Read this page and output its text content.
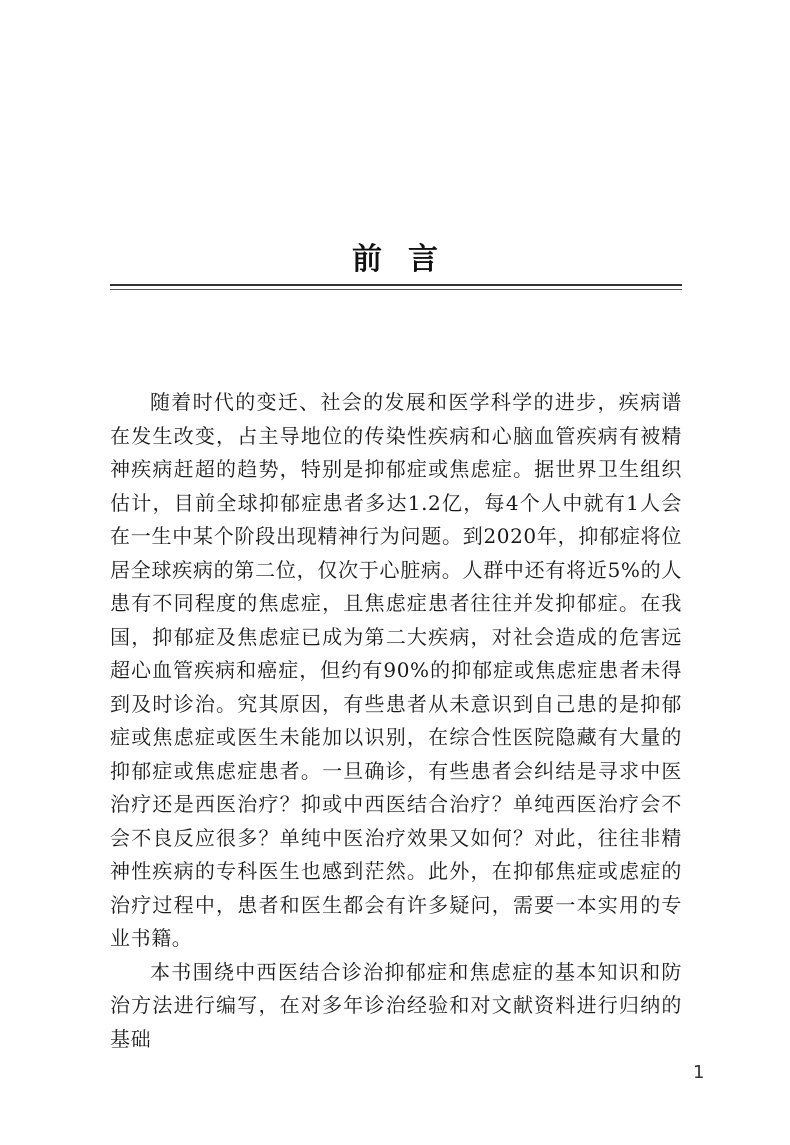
前言

随着时代的变迁、社会的发展和医学科学的进步，疾病谱在发生改变，占主导地位的传染性疾病和心脑血管疾病有被精神疾病赶超的趋势，特别是抑郁症或焦虑症。据世界卫生组织估计，目前全球抑郁症患者多达1.2亿，每4个人中就有1人会在一生中某个阶段出现精神行为问题。到2020年，抑郁症将位居全球疾病的第二位，仅次于心脏病。人群中还有将近5%的人患有不同程度的焦虑症，且焦虑症患者往往并发抑郁症。在我国，抑郁症及焦虑症已成为第二大疾病，对社会造成的危害远超心血管疾病和癌症，但约有90%的抑郁症或焦虑症患者未得到及时诊治。究其原因，有些患者从未意识到自己患的是抑郁症或焦虑症或医生未能加以识别，在综合性医院隐藏有大量的抑郁症或焦虑症患者。一旦确诊，有些患者会纠结是寻求中医治疗还是西医治疗？抑或中西医结合治疗？单纯西医治疗会不会不良反应很多？单纯中医治疗效果又如何？对此，往往非精神性疾病的专科医生也感到茫然。此外，在抑郁焦症或虑症的治疗过程中，患者和医生都会有许多疑问，需要一本实用的专业书籍。

本书围绕中西医结合诊治抑郁症和焦虑症的基本知识和防治方法进行编写，在对多年诊治经验和对文献资料进行归纳的基础

1
